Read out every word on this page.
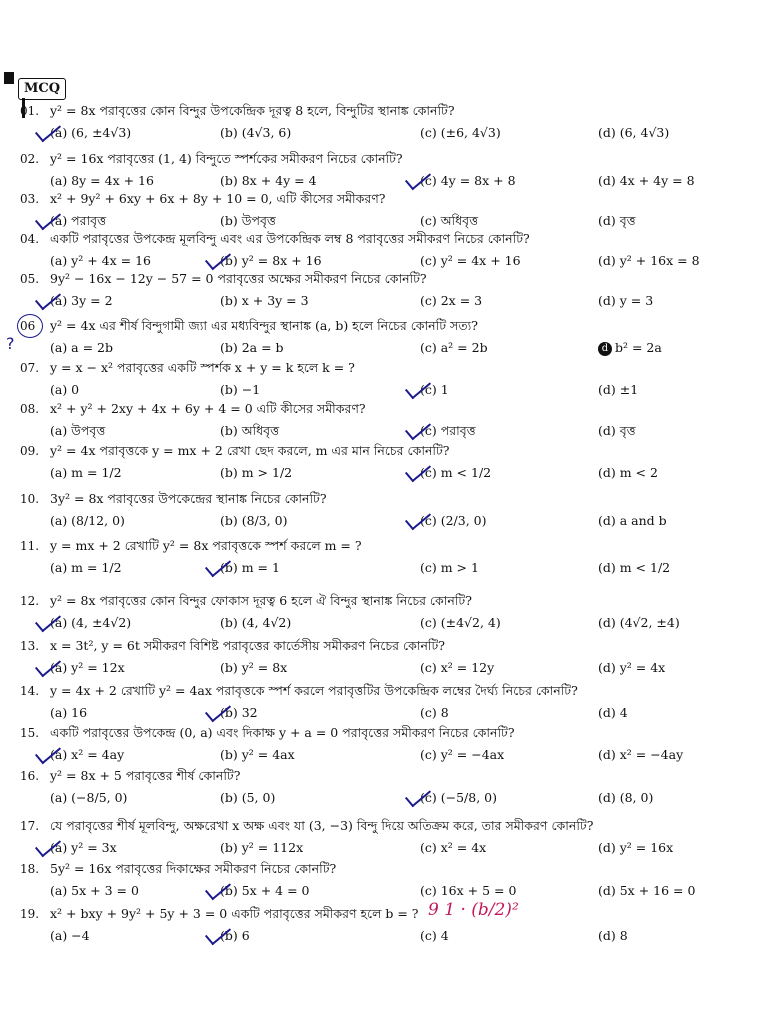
MCQ
01. y² = 8x পরাবৃত্তের কোন বিন্দুর উপকেন্দ্রিক দূরত্ব 8 হলে, বিন্দুটির স্থানাঙ্ক কোনটি?
(a) (6, ±4√3)	(b) (4√3, 6)	(c) (±6, 4√3)	(d) (6, 4√3)
02. y² = 16x পরাবৃত্তের (1, 4) বিন্দুতে স্পর্শকের সমীকরণ নিচের কোনটি?
(a) 8y = 4x + 16	(b) 8x + 4y = 4	(c) 4y = 8x + 8	(d) 4x + 4y = 8
03. x² + 9y² + 6xy + 6x + 8y + 10 = 0, এটি কীসের সমীকরণ?
(a) পরাবৃত্ত	(b) উপবৃত্ত	(c) অধিবৃত্ত	(d) বৃত্ত
04. একটি পরাবৃত্তের উপকেন্দ্র মূলবিন্দু এবং এর উপকেন্দ্রিক লম্ব 8 পরাবৃত্তের সমীকরণ নিচের কোনটি?
(a) y² + 4x = 16	(b) y² = 8x + 16	(c) y² = 4x + 16	(d) y² + 16x = 8
05. 9y² − 16x − 12y − 57 = 0 পরাবৃত্তের অক্ষের সমীকরণ নিচের কোনটি?
(a) 3y = 2	(b) x + 3y = 3	(c) 2x = 3	(d) y = 3
06
?
y² = 4x এর শীর্ষ বিন্দুগামী জ্যা এর মধ্যবিন্দুর স্থানাঙ্ক (a, b) হলে নিচের কোনটি সত্য?
(a) a = 2b	(b) 2a = b	(c) a² = 2b	d b² = 2a
07. y = x − x² পরাবৃত্তের একটি স্পর্শক x + y = k হলে k = ?
(a) 0	(b) −1	(c) 1	(d) ±1
08. x² + y² + 2xy + 4x + 6y + 4 = 0 এটি কীসের সমীকরণ?
(a) উপবৃত্ত	(b) অধিবৃত্ত	(c) পরাবৃত্ত	(d) বৃত্ত
09. y² = 4x পরাবৃত্তকে y = mx + 2 রেখা ছেদ করলে, m এর মান নিচের কোনটি?
(a) m = 1/2	(b) m > 1/2	(c) m < 1/2	(d) m < 2
10. 3y² = 8x পরাবৃত্তের উপকেন্দ্রের স্থানাঙ্ক নিচের কোনটি?
(a) (8/12, 0)	(b) (8/3, 0)	(c) (2/3, 0)	(d) a and b
11. y = mx + 2 রেখাটি y² = 8x পরাবৃত্তকে স্পর্শ করলে m = ?
(a) m = 1/2	(b) m = 1	(c) m > 1	(d) m < 1/2
12. y² = 8x পরাবৃত্তের কোন বিন্দুর ফোকাস দূরত্ব 6 হলে ঐ বিন্দুর স্থানাঙ্ক নিচের কোনটি?
(a) (4, ±4√2)	(b) (4, 4√2)	(c) (±4√2, 4)	(d) (4√2, ±4)
13. x = 3t², y = 6t সমীকরণ বিশিষ্ট পরাবৃত্তের কার্তেসীয় সমীকরণ নিচের কোনটি?
(a) y² = 12x	(b) y² = 8x	(c) x² = 12y	(d) y² = 4x
14. y = 4x + 2 রেখাটি y² = 4ax পরাবৃত্তকে স্পর্শ করলে পরাবৃত্তটির উপকেন্দ্রিক লম্বের দৈর্ঘ্য নিচের কোনটি?
(a) 16	(b) 32	(c) 8	(d) 4
15. একটি পরাবৃত্তের উপকেন্দ্র (0, a) এবং দিকাক্ষ y + a = 0 পরাবৃত্তের সমীকরণ নিচের কোনটি?
(a) x² = 4ay	(b) y² = 4ax	(c) y² = −4ax	(d) x² = −4ay
16. y² = 8x + 5 পরাবৃত্তের শীর্ষ কোনটি?
(a) (−8/5, 0)	(b) (5, 0)	(c) (−5/8, 0)	(d) (8, 0)
17. যে পরাবৃত্তের শীর্ষ মূলবিন্দু, অক্ষরেখা x অক্ষ এবং যা (3, −3) বিন্দু দিয়ে অতিক্রম করে, তার সমীকরণ কোনটি?
(a) y² = 3x	(b) y² = 112x	(c) x² = 4x	(d) y² = 16x
18. 5y² = 16x পরাবৃত্তের দিকাক্ষের সমীকরণ নিচের কোনটি?
(a) 5x + 3 = 0	(b) 5x + 4 = 0	(c) 16x + 5 = 0	(d) 5x + 16 = 0
19. x² + bxy + 9y² + 5y + 3 = 0 একটি পরাবৃত্তের সমীকরণ হলে b = ?
(a) −4	(b) 6	(c) 4	(d) 8
9 1 · (b/2)²
